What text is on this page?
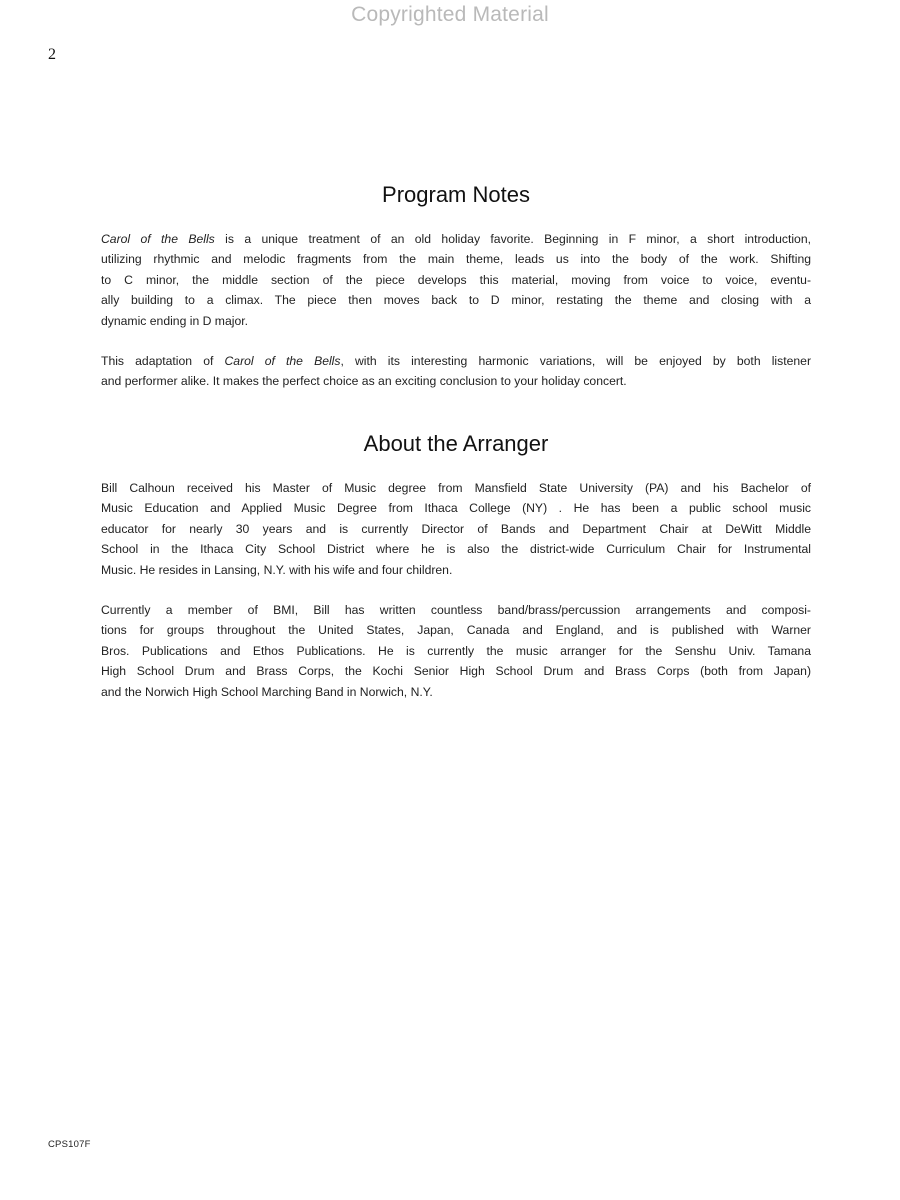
Copyrighted Material
2
Program Notes

Carol of the Bells is a unique treatment of an old holiday favorite. Beginning in F minor, a short introduction,
utilizing rhythmic and melodic fragments from the main theme, leads us into the body of the work. Shifting
to C minor, the middle section of the piece develops this material, moving from voice to voice, eventu-
ally building to a climax. The piece then moves back to D minor, restating the theme and closing with a
dynamic ending in D major.

This adaptation of Carol of the Bells, with its interesting harmonic variations, will be enjoyed by both listener
and performer alike. It makes the perfect choice as an exciting conclusion to your holiday concert.

About the Arranger

Bill Calhoun received his Master of Music degree from Mansfield State University (PA) and his Bachelor of
Music Education and Applied Music Degree from Ithaca College (NY) . He has been a public school music
educator for nearly 30 years and is currently Director of Bands and Department Chair at DeWitt Middle
School in the Ithaca City School District where he is also the district-wide Curriculum Chair for Instrumental
Music. He resides in Lansing, N.Y. with his wife and four children.

Currently a member of BMI, Bill has written countless band/brass/percussion arrangements and composi-
tions for groups throughout the United States, Japan, Canada and England, and is published with Warner
Bros. Publications and Ethos Publications. He is currently the music arranger for the Senshu Univ. Tamana
High School Drum and Brass Corps, the Kochi Senior High School Drum and Brass Corps (both from Japan)
and the Norwich High School Marching Band in Norwich, N.Y.

CPS107F
